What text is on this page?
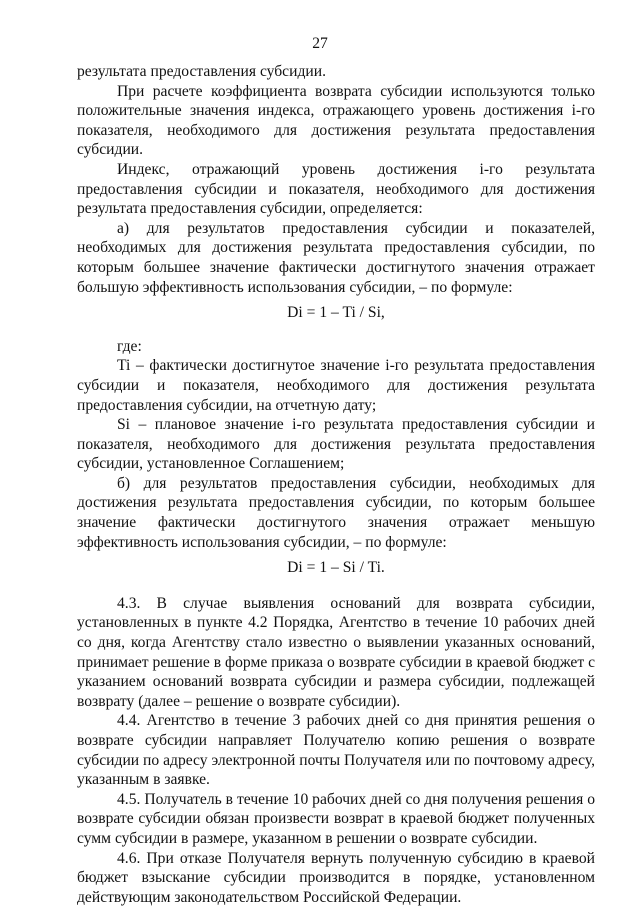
27

результата предоставления субсидии.

При расчете коэффициента возврата субсидии используются только положительные значения индекса, отражающего уровень достижения i-го показателя, необходимого для достижения результата предоставления субсидии.

Индекс, отражающий уровень достижения i-го результата предоставления субсидии и показателя, необходимого для достижения результата предоставления субсидии, определяется:

а) для результатов предоставления субсидии и показателей, необходимых для достижения результата предоставления субсидии, по которым большее значение фактически достигнутого значения отражает большую эффективность использования субсидии, – по формуле:

Di = 1 – Ti / Si,

где:

Ti – фактически достигнутое значение i-го результата предоставления субсидии и показателя, необходимого для достижения результата предоставления субсидии, на отчетную дату;

Si – плановое значение i-го результата предоставления субсидии и показателя, необходимого для достижения результата предоставления субсидии, установленное Соглашением;

б) для результатов предоставления субсидии, необходимых для достижения результата предоставления субсидии, по которым большее значение фактически достигнутого значения отражает меньшую эффективность использования субсидии, – по формуле:

Di = 1 – Si / Ti.

4.3. В случае выявления оснований для возврата субсидии, установленных в пункте 4.2 Порядка, Агентство в течение 10 рабочих дней со дня, когда Агентству стало известно о выявлении указанных оснований, принимает решение в форме приказа о возврате субсидии в краевой бюджет с указанием оснований возврата субсидии и размера субсидии, подлежащей возврату (далее – решение о возврате субсидии).

4.4. Агентство в течение 3 рабочих дней со дня принятия решения о возврате субсидии направляет Получателю копию решения о возврате субсидии по адресу электронной почты Получателя или по почтовому адресу, указанным в заявке.

4.5. Получатель в течение 10 рабочих дней со дня получения решения о возврате субсидии обязан произвести возврат в краевой бюджет полученных сумм субсидии в размере, указанном в решении о возврате субсидии.

4.6. При отказе Получателя вернуть полученную субсидию в краевой бюджет взыскание субсидии производится в порядке, установленном действующим законодательством Российской Федерации.
